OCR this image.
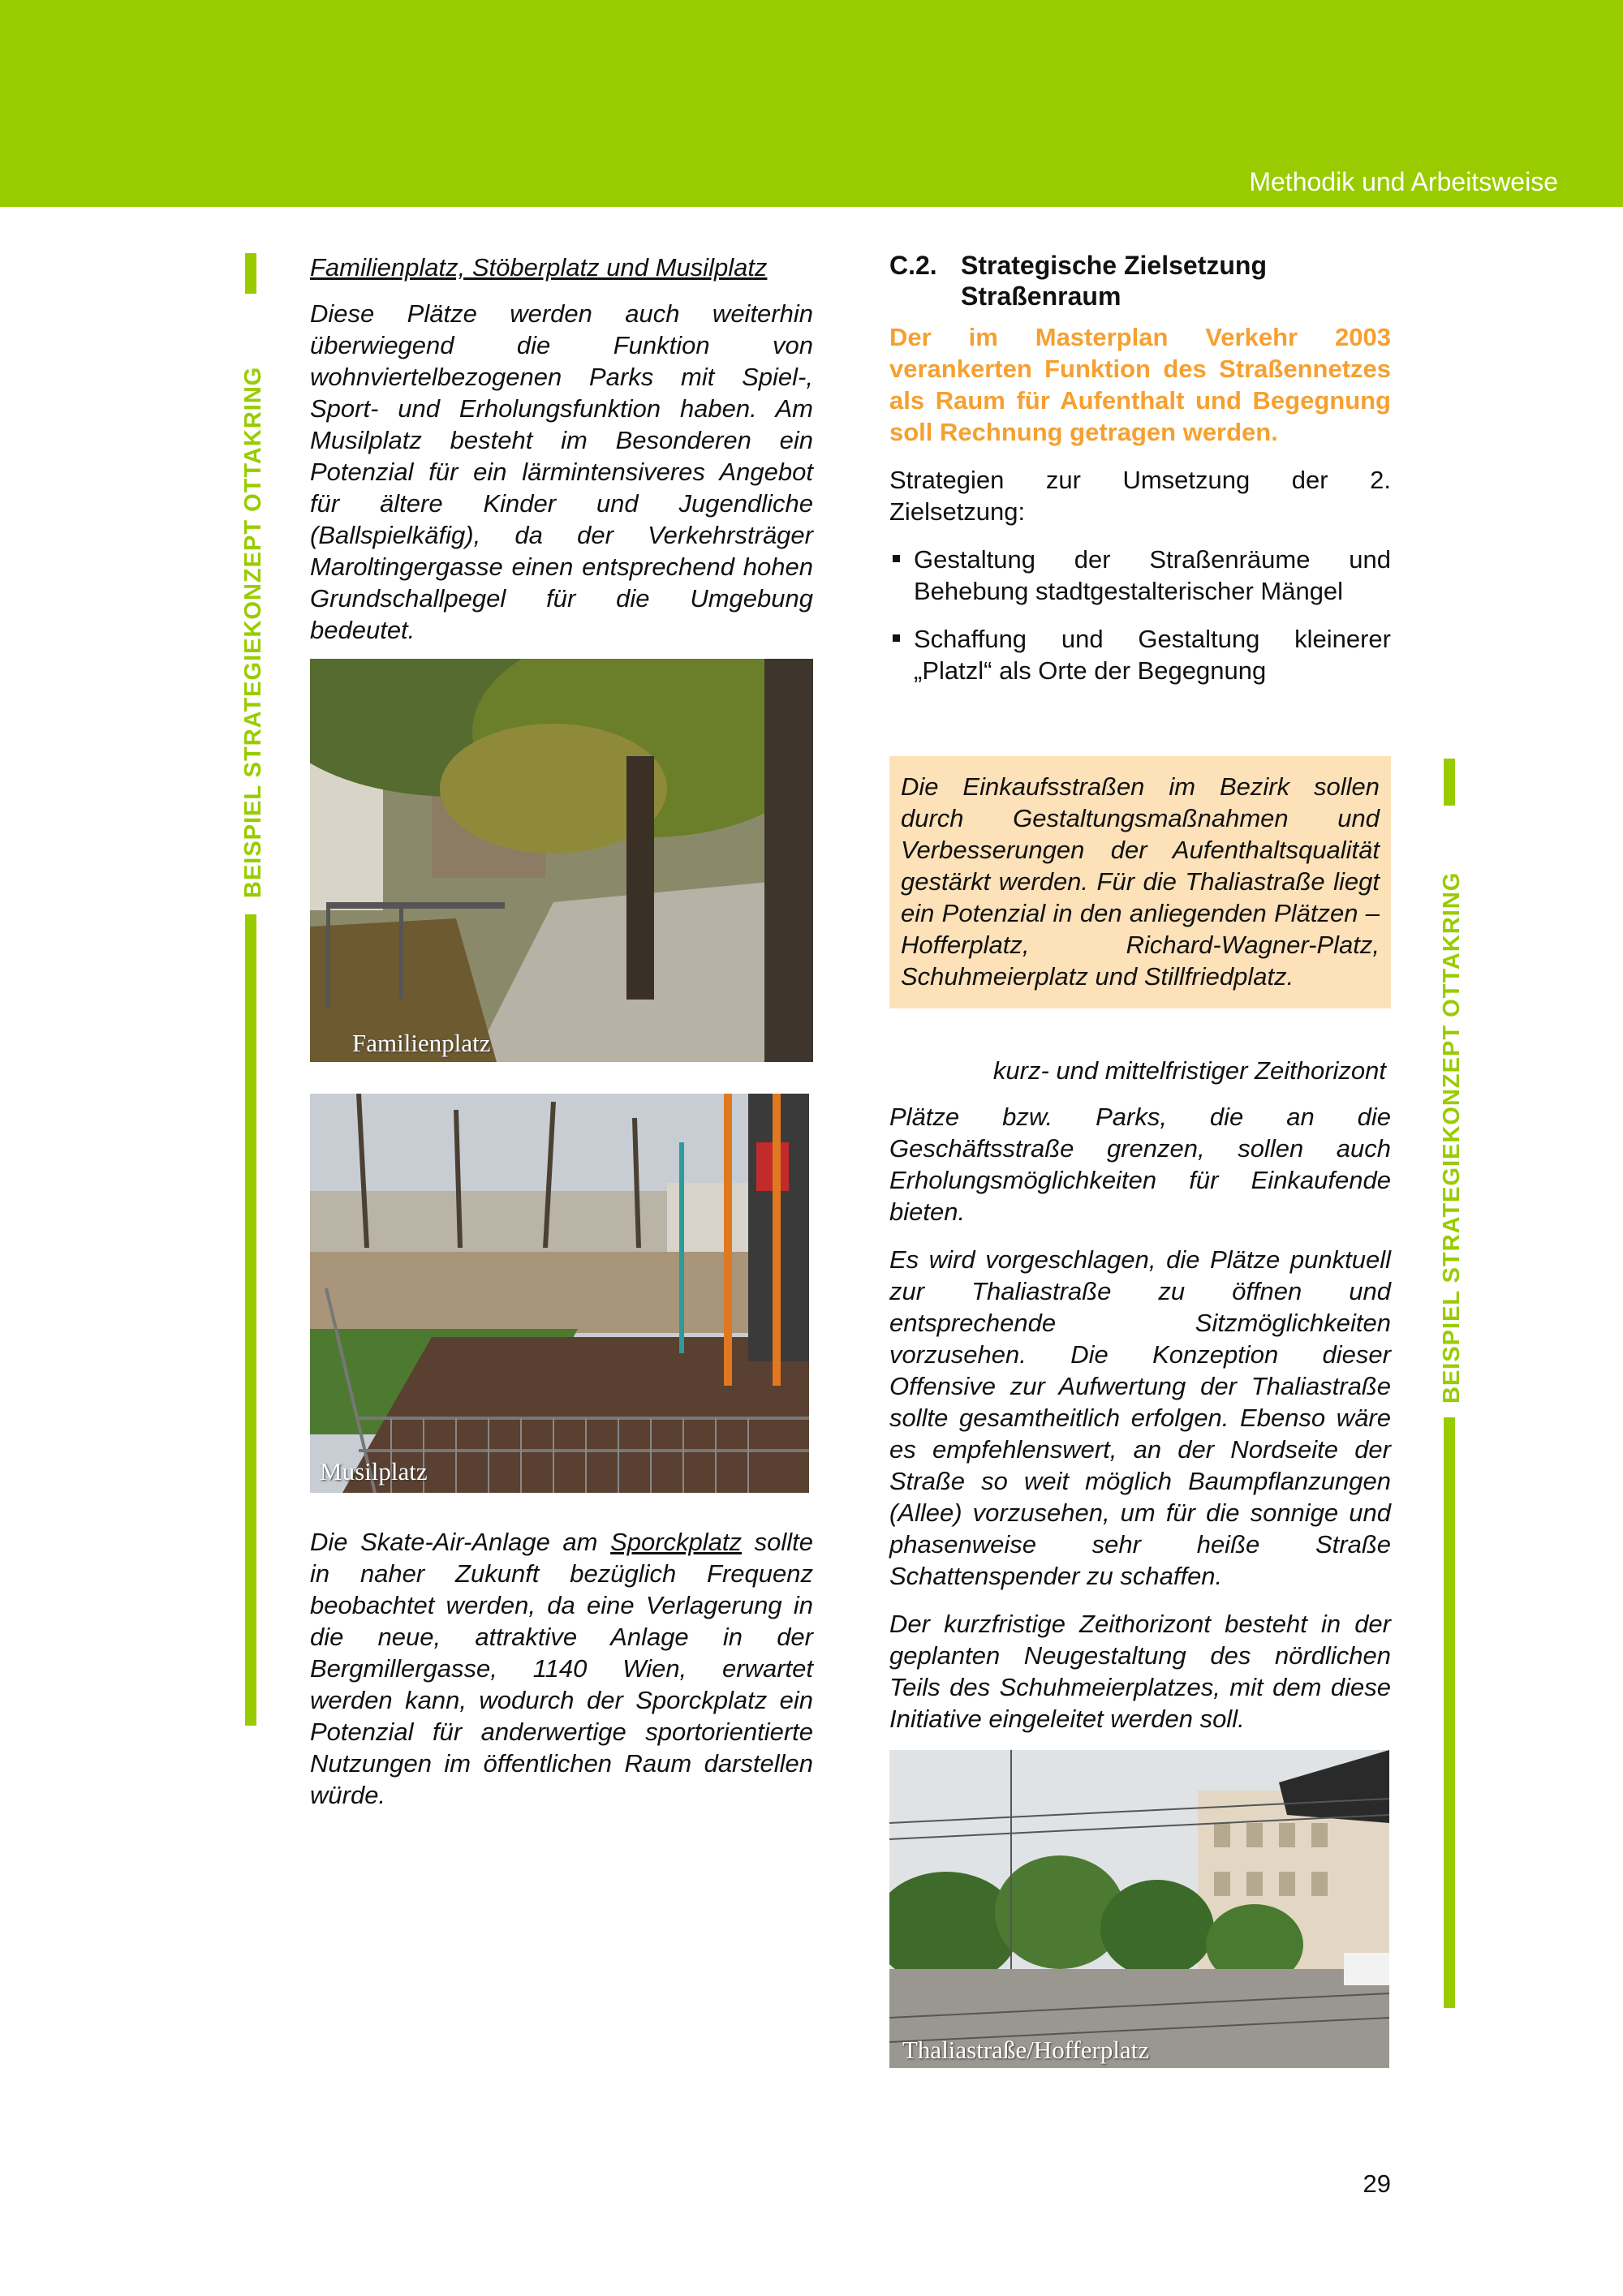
Methodik und Arbeitsweise
BEISPIEL STRATEGIEKONZEPT OTTAKRING
BEISPIEL STRATEGIEKONZEPT OTTAKRING
Familienplatz, Stöberplatz und Musilplatz

Diese Plätze werden auch weiterhin überwiegend die Funktion von wohnviertelbezogenen Parks mit Spiel-, Sport- und Erholungsfunktion haben. Am Musilplatz besteht im Besonderen ein Potenzial für ein lärmintensiveres Angebot für ältere Kinder und Jugendliche (Ballspielkäfig), da der Verkehrsträger Maroltingergasse einen entsprechend hohen Grundschallpegel für die Umgebung bedeutet.

Familienplatz
Musilplatz

Die Skate-Air-Anlage am Sporckplatz sollte in naher Zukunft bezüglich Frequenz beobachtet werden, da eine Verlagerung in die neue, attraktive Anlage in der Bergmillergasse, 1140 Wien, erwartet werden kann, wodurch der Sporckplatz ein Potenzial für anderwertige sportorientierte Nutzungen im öffentlichen Raum darstellen würde.

C.2. Strategische Zielsetzung
Straßenraum

Der im Masterplan Verkehr 2003 verankerten Funktion des Straßennetzes als Raum für Aufenthalt und Begegnung soll Rechnung getragen werden.

Strategien zur Umsetzung der 2. Zielsetzung:

Gestaltung der Straßenräume und Behebung stadtgestalterischer Mängel
Schaffung und Gestaltung kleinerer „Platzl“ als Orte der Begegnung

Die Einkaufsstraßen im Bezirk sollen durch Gestaltungsmaßnahmen und Verbesserungen der Aufenthaltsqualität gestärkt werden. Für die Thaliastraße liegt ein Potenzial in den anliegenden Plätzen – Hofferplatz, Richard-Wagner-Platz, Schuhmeierplatz und Stillfriedplatz.

kurz- und mittelfristiger Zeithorizont

Plätze bzw. Parks, die an die Geschäftsstraße grenzen, sollen auch Erholungsmöglichkeiten für Einkaufende bieten.

Es wird vorgeschlagen, die Plätze punktuell zur Thaliastraße zu öffnen und entsprechende Sitzmöglichkeiten vorzusehen. Die Konzeption dieser Offensive zur Aufwertung der Thaliastraße sollte gesamtheitlich erfolgen. Ebenso wäre es empfehlenswert, an der Nordseite der Straße so weit möglich Baumpflanzungen (Allee) vorzusehen, um für die sonnige und phasenweise sehr heiße Straße Schattenspender zu schaffen.

Der kurzfristige Zeithorizont besteht in der geplanten Neugestaltung des nördlichen Teils des Schuhmeierplatzes, mit dem diese Initiative eingeleitet werden soll.

Thaliastraße/Hofferplatz
29
